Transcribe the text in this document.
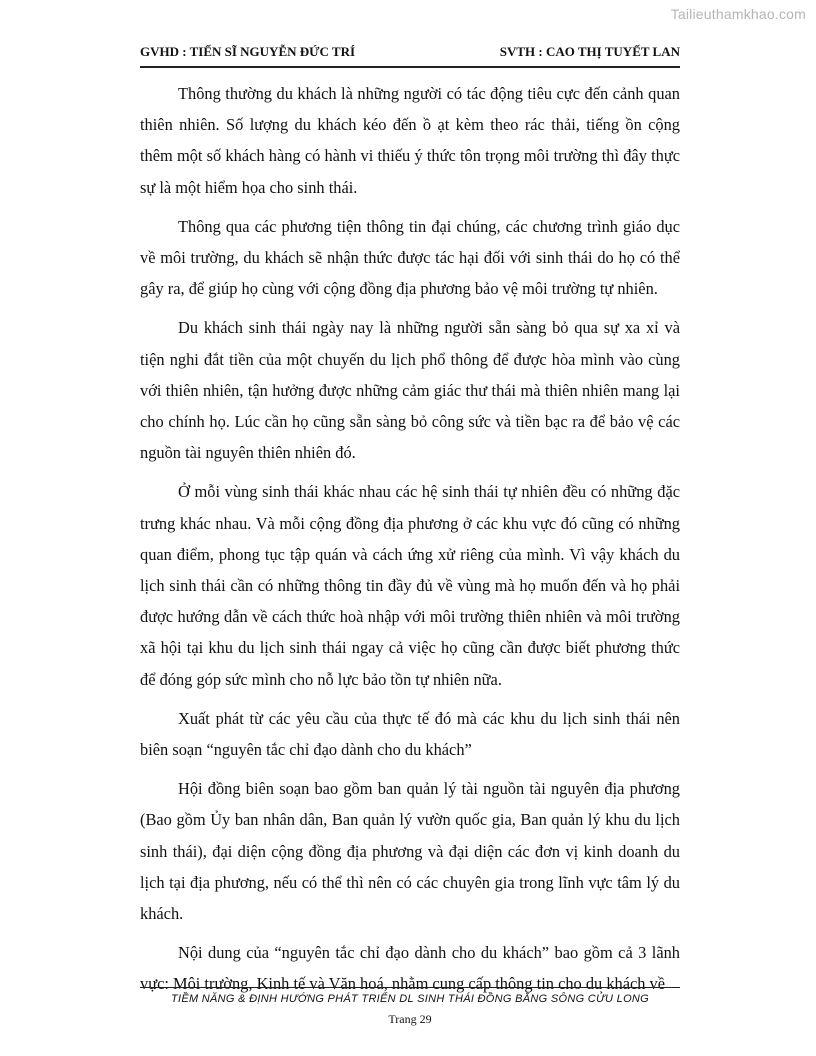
Tailieuthamkhao.com
GVHD : TIẾN SĨ NGUYỄN ĐỨC TRÍ	SVTH : CAO THỊ TUYẾT LAN

Thông thường du khách là những người có tác động tiêu cực đến cảnh quan thiên nhiên. Số lượng du khách kéo đến ồ ạt kèm theo rác thải, tiếng ồn cộng thêm một số khách hàng có hành vi thiếu ý thức tôn trọng môi trường thì đây thực sự là một hiểm họa cho sinh thái.

Thông qua các phương tiện thông tin đại chúng, các chương trình giáo dục về môi trường, du khách sẽ nhận thức được tác hại đối với sinh thái do họ có thể gây ra, để giúp họ cùng với cộng đồng địa phương bảo vệ môi trường tự nhiên.

Du khách sinh thái ngày nay là những người sẵn sàng bỏ qua sự xa xỉ và tiện nghi đắt tiền của một chuyến du lịch phổ thông để được hòa mình vào cùng với thiên nhiên, tận hưởng được những cảm giác thư thái mà thiên nhiên mang lại cho chính họ. Lúc cần họ cũng sẵn sàng bỏ công sức và tiền bạc ra để bảo vệ các nguồn tài nguyên thiên nhiên đó.

Ở mỗi vùng sinh thái khác nhau các hệ sinh thái tự nhiên đều có những đặc trưng khác nhau. Và mỗi cộng đồng địa phương ở các khu vực đó cũng có những quan điểm, phong tục tập quán và cách ứng xử riêng của mình. Vì vậy khách du lịch sinh thái cần có những thông tin đầy đủ về vùng mà họ muốn đến và họ phải được hướng dẫn về cách thức hoà nhập với môi trường thiên nhiên và môi trường xã hội tại khu du lịch sinh thái ngay cả việc họ cũng cần được biết phương thức để đóng góp sức mình cho nỗ lực bảo tồn tự nhiên nữa.

Xuất phát từ các yêu cầu của thực tế đó mà các khu du lịch sinh thái nên biên soạn “nguyên tắc chỉ đạo dành cho du khách”

Hội đồng biên soạn bao gồm ban quản lý tài nguồn tài nguyên địa phương (Bao gồm Ủy ban nhân dân, Ban quản lý vườn quốc gia, Ban quản lý khu du lịch sinh thái), đại diện cộng đồng địa phương và đại diện các đơn vị kinh doanh du lịch tại địa phương, nếu có thể thì nên có các chuyên gia trong lĩnh vực tâm lý du khách.

Nội dung của “nguyên tắc chỉ đạo dành cho du khách” bao gồm cả 3 lãnh vực: Môi trường, Kinh tế và Văn hoá, nhằm cung cấp thông tin cho du khách về

TIỀM NĂNG & ĐỊNH HƯỚNG PHÁT TRIỂN DL SINH THÁI ĐỒNG BẰNG SÔNG CỬU LONG
Trang 29
